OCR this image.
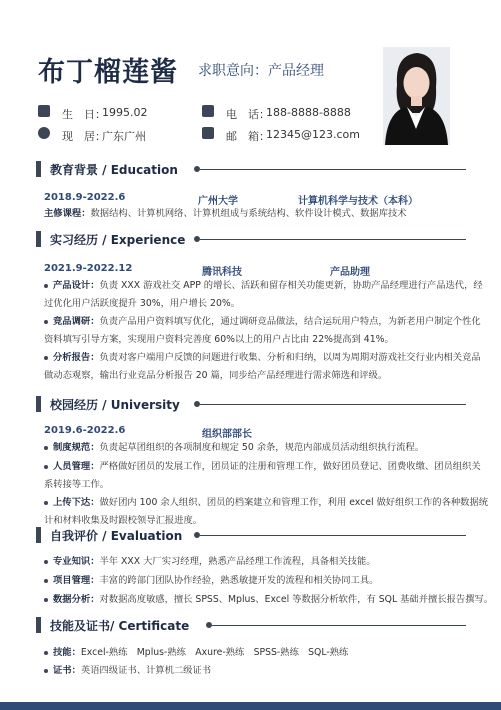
布丁榴莲酱 求职意向：产品经理
生　日：
1995.02
现　居：
广东广州
电　话：
188-8888-8888
邮　箱：
12345@123.com
教育背景 / Education
2018.9-2022.6	广州大学	计算机科学与技术（本科）
主修课程：数据结构、计算机网络、计算机组成与系统结构、软件设计模式、数据库技术
实习经历 / Experience
2021.9-2022.12	腾讯科技	产品助理
产品设计：负责 XXX 游戏社交 APP 的增长、活跃和留存相关功能更新，协助产品经理进行产品迭代，经
过优化用户活跃度提升 30%，用户增长 20%。
竞品调研：负责产品用户资料填写优化，通过调研竞品做法，结合运玩用户特点，为新老用户制定个性化
资料填写引导方案，实现用户资料完善度 60%以上的用户占比由 22%提高到 41%。
分析报告：负责对客户端用户反馈的问题进行收集、分析和归纳，以周为周期对游戏社交行业内相关竞品
做动态观察，输出行业竞品分析报告 20 篇，同步给产品经理进行需求筛选和评级。
校园经历 / University
2019.6-2022.6	组织部部长
制度规范：负责起草团组织的各项制度和规定 50 余条，规范内部成员活动组织执行流程。
人员管理：严格做好团员的发展工作，团员证的注册和管理工作，做好团员登记、团费收缴、团员组织关
系转接等工作。
上传下达：做好团内 100 余人组织、团员的档案建立和管理工作，利用 excel 做好组织工作的各种数据统
计和材料收集及时跟校领导汇报进度。
自我评价 / Evaluation
专业知识：半年 XXX 大厂实习经理，熟悉产品经理工作流程，具备相关技能。
项目管理：丰富的跨部门团队协作经验，熟悉敏捷开发的流程和相关协同工具。
数据分析：对数据高度敏感，擅长 SPSS、Mplus、Excel 等数据分析软件，有 SQL 基础并擅长报告撰写。
技能及证书/ Certificate
技能：Excel-熟练　Mplus-熟练　Axure-熟练　SPSS-熟练　SQL-熟练
证书：英语四级证书、计算机二级证书
